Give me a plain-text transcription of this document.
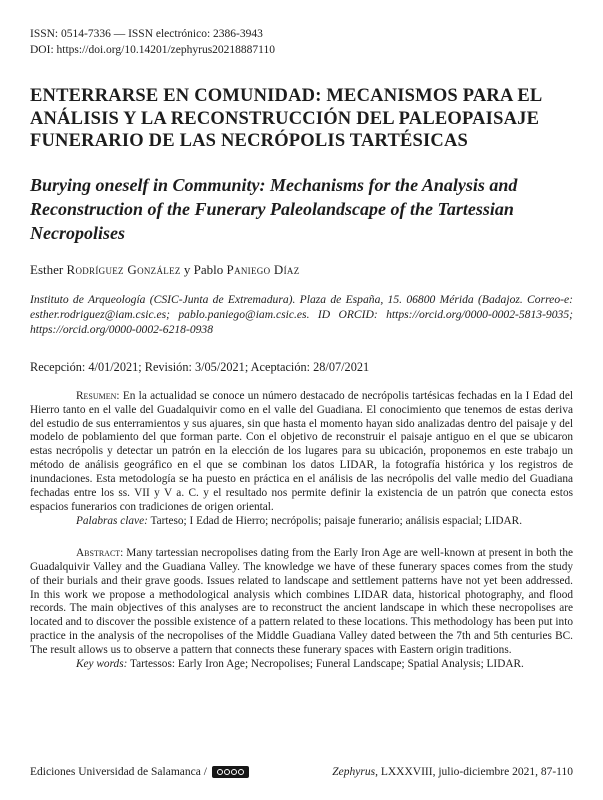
ISSN: 0514-7336 — ISSN electrónico: 2386-3943
DOI: https://doi.org/10.14201/zephyrus20218887110
ENTERRARSE EN COMUNIDAD: MECANISMOS PARA EL ANÁLISIS Y LA RECONSTRUCCIÓN DEL PALEOPAISAJE FUNERARIO DE LAS NECRÓPOLIS TARTÉSICAS
Burying oneself in Community: Mechanisms for the Analysis and Reconstruction of the Funerary Paleolandscape of the Tartessian Necropolises
Esther Rodríguez González y Pablo Paniego Díaz
Instituto de Arqueología (CSIC-Junta de Extremadura). Plaza de España, 15. 06800 Mérida (Badajoz. Correo-e: esther.rodriguez@iam.csic.es; pablo.paniego@iam.csic.es. ID ORCID: https://orcid.org/0000-0002-5813-9035; https://orcid.org/0000-0002-6218-0938
Recepción: 4/01/2021; Revisión: 3/05/2021; Aceptación: 28/07/2021

Resumen: En la actualidad se conoce un número destacado de necrópolis tartésicas fechadas en la I Edad del Hierro tanto en el valle del Guadalquivir como en el valle del Guadiana. El conocimiento que tenemos de estas deriva del estudio de sus enterramientos y sus ajuares, sin que hasta el momento hayan sido analizadas dentro del paisaje y del modelo de poblamiento del que forman parte. Con el objetivo de reconstruir el paisaje antiguo en el que se ubicaron estas necrópolis y detectar un patrón en la elección de los lugares para su ubicación, proponemos en este trabajo un método de análisis geográfico en el que se combinan los datos LIDAR, la fotografía histórica y los registros de inundaciones. Esta metodología se ha puesto en práctica en el análisis de las necrópolis del valle medio del Guadiana fechadas entre los ss. VII y V a. C. y el resultado nos permite definir la existencia de un patrón que conecta estos espacios funerarios con tradiciones de origen oriental.

Palabras clave: Tarteso; I Edad de Hierro; necrópolis; paisaje funerario; análisis espacial; LIDAR.

Abstract: Many tartessian necropolises dating from the Early Iron Age are well-known at present in both the Guadalquivir Valley and the Guadiana Valley. The knowledge we have of these funerary spaces comes from the study of their burials and their grave goods. Issues related to landscape and settlement patterns have not yet been addressed. In this work we propose a methodological analysis which combines LIDAR data, historical photography, and flood records. The main objectives of this analyses are to reconstruct the ancient landscape in which these necropolises are located and to discover the possible existence of a pattern related to these locations. This methodology has been put into practice in the analysis of the necropolises of the Middle Guadiana Valley dated between the 7th and 5th centuries BC. The result allows us to observe a pattern that connects these funerary spaces with Eastern origin traditions.

Key words: Tartessos: Early Iron Age; Necropolises; Funeral Landscape; Spatial Analysis; LIDAR.

Ediciones Universidad de Salamanca /	Zephyrus , LXXXVIII, julio-diciembre 2021, 87-110
